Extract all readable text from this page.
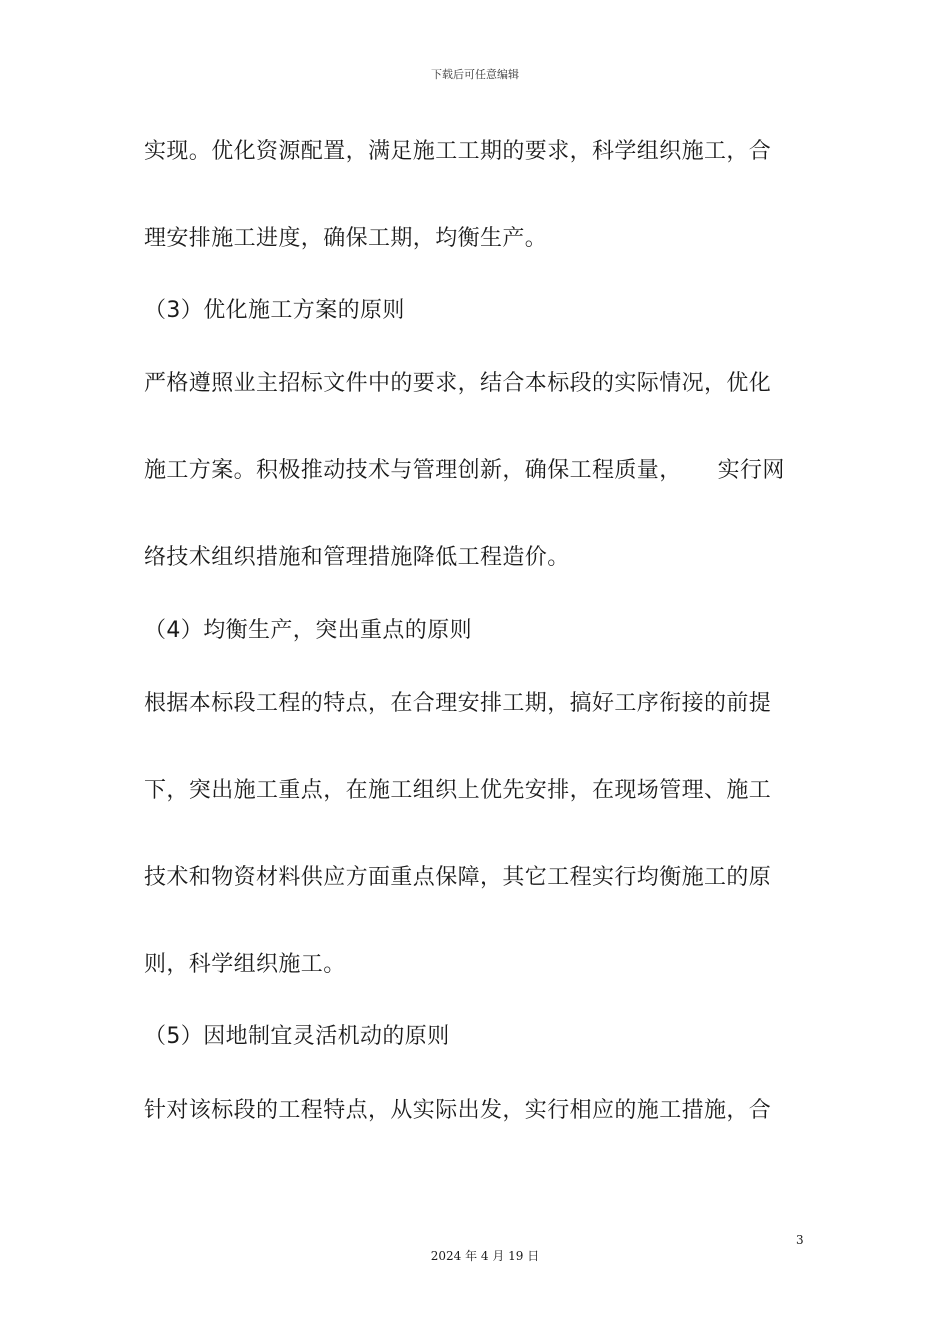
下载后可任意编辑
实现。优化资源配置，满足施工工期的要求，科学组织施工，合
理安排施工进度，确保工期，均衡生产。
（3）优化施工方案的原则
严格遵照业主招标文件中的要求，结合本标段的实际情况，优化
施工方案。积极推动技术与管理创新，确保工程质量， 实行网
络技术组织措施和管理措施降低工程造价。
（4）均衡生产，突出重点的原则
根据本标段工程的特点，在合理安排工期，搞好工序衔接的前提
下，突出施工重点，在施工组织上优先安排，在现场管理、施工
技术和物资材料供应方面重点保障，其它工程实行均衡施工的原
则，科学组织施工。
（5）因地制宜灵活机动的原则
针对该标段的工程特点，从实际出发，实行相应的施工措施，合
3
2024 年 4 月 19 日
